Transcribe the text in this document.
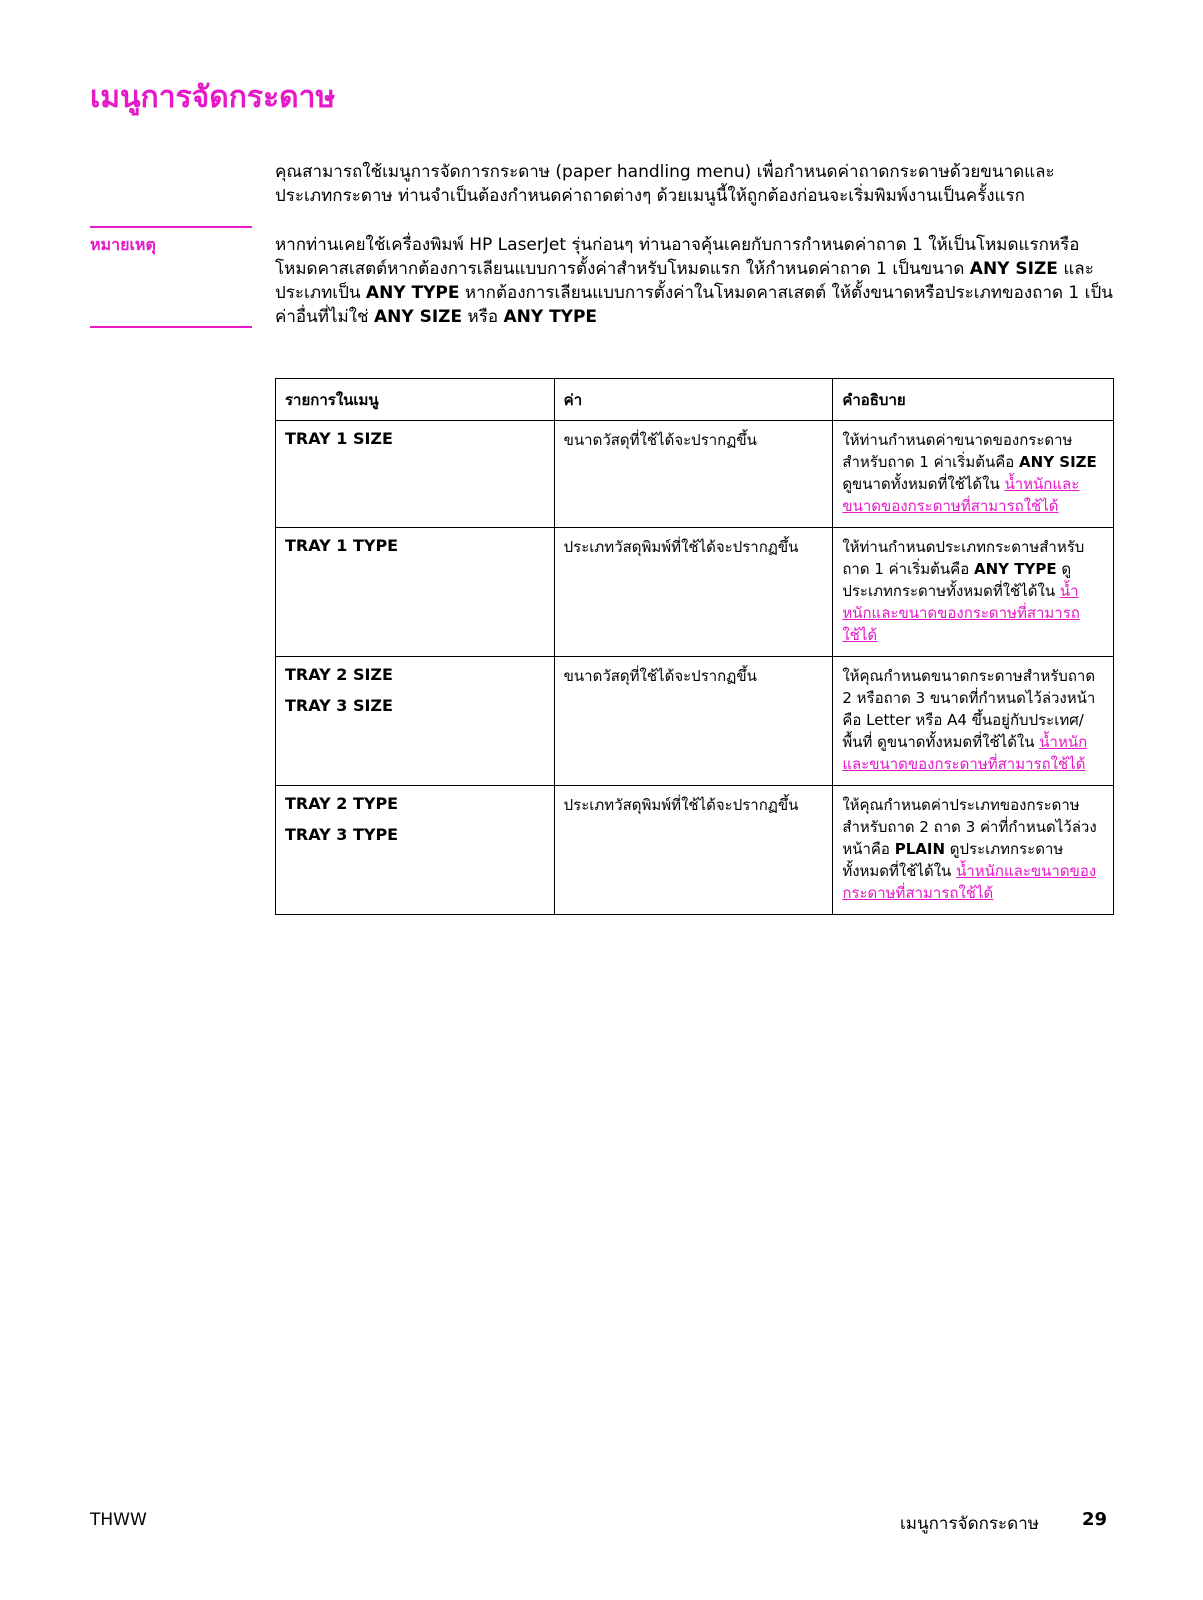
เมนูการจัดกระดาษ

คุณสามารถใช้เมนูการจัดการกระดาษ (paper handling menu) เพื่อกำหนดค่าถาดกระดาษด้วยขนาดและประเภทกระดาษ ท่านจำเป็นต้องกำหนดค่าถาดต่างๆ ด้วยเมนูนี้ให้ถูกต้องก่อนจะเริ่มพิมพ์งานเป็นครั้งแรก

หมายเหตุ	หากท่านเคยใช้เครื่องพิมพ์ HP LaserJet รุ่นก่อนๆ ท่านอาจคุ้นเคยกับการกำหนดค่าถาด 1 ให้เป็นโหมดแรกหรือโหมดคาสเสตต์หากต้องการเลียนแบบการตั้งค่าสำหรับโหมดแรก ให้กำหนดค่าถาด 1 เป็นขนาด ANY SIZE และประเภทเป็น ANY TYPE หากต้องการเลียนแบบการตั้งค่าในโหมดคาสเสตต์ ให้ตั้งขนาดหรือประเภทของถาด 1 เป็นค่าอื่นที่ไม่ใช่ ANY SIZE หรือ ANY TYPE

รายการในเมนู	ค่า	คำอธิบาย

TRAY 1 SIZE	ขนาดวัสดุที่ใช้ได้จะปรากฏขึ้น	ให้ท่านกำหนดค่าขนาดของกระดาษสำหรับถาด 1 ค่าเริ่มต้นคือ ANY SIZE ดูขนาดทั้งหมดที่ใช้ได้ใน น้ำหนักและขนาดของกระดาษที่สามารถใช้ได้

TRAY 1 TYPE	ประเภทวัสดุพิมพ์ที่ใช้ได้จะปรากฏขึ้น	ให้ท่านกำหนดประเภทกระดาษสำหรับถาด 1 ค่าเริ่มต้นคือ ANY TYPE ดูประเภทกระดาษทั้งหมดที่ใช้ได้ใน น้ำหนักและขนาดของกระดาษที่สามารถใช้ได้

TRAY 2 SIZE
TRAY 3 SIZE	ขนาดวัสดุที่ใช้ได้จะปรากฏขึ้น	ให้คุณกำหนดขนาดกระดาษสำหรับถาด 2 หรือถาด 3 ขนาดที่กำหนดไว้ล่วงหน้าคือ Letter หรือ A4 ขึ้นอยู่กับประเทศ/พื้นที่ ดูขนาดทั้งหมดที่ใช้ได้ใน น้ำหนักและขนาดของกระดาษที่สามารถใช้ได้

TRAY 2 TYPE
TRAY 3 TYPE	ประเภทวัสดุพิมพ์ที่ใช้ได้จะปรากฏขึ้น	ให้คุณกำหนดค่าประเภทของกระดาษสำหรับถาด 2 ถาด 3 ค่าที่กำหนดไว้ล่วงหน้าคือ PLAIN ดูประเภทกระดาษทั้งหมดที่ใช้ได้ใน น้ำหนักและขนาดของกระดาษที่สามารถใช้ได้
THWW	เมนูการจัดกระดาษ 29
